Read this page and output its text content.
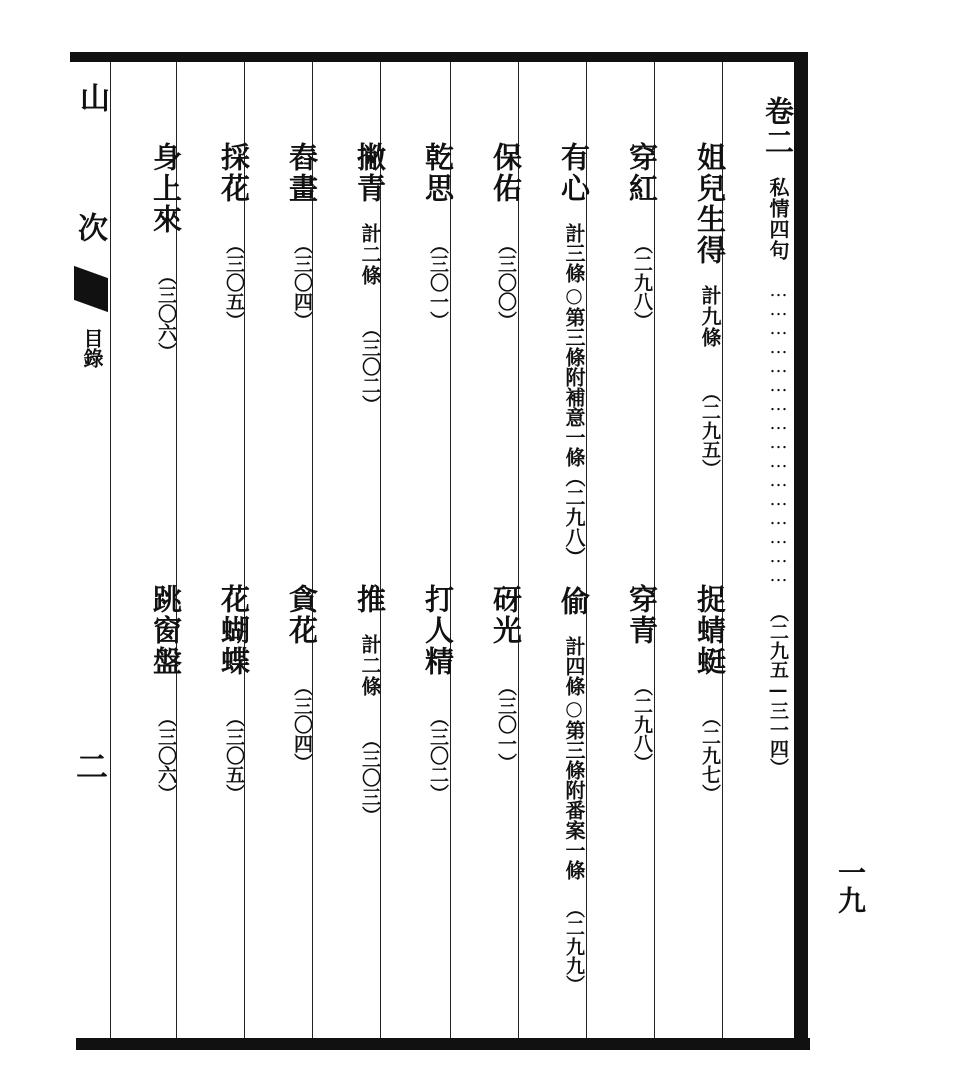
山
次
目錄
二
卷二 私情四句 ………………………………………… （二九五—三一四）
姐兒生得 計九條 （二九五）
捉蜻蜓 （二九七）
穿紅 （二九八）
穿青 （二九八）
有心 計三條○第三條附補意一條（二九八） 偷 計四條○第三條附番案一條 （二九九）
保佑 （三〇〇）
砑光 （三〇一）
乾思 （三〇一）
打人精 （三〇二）
撇青 計二條 （三〇二）
推 計二條 （三〇三）
舂畫 （三〇四）
貪花 （三〇四）
採花 （三〇五）
花蝴蝶 （三〇五）
身上來 （三〇六）
跳窗盤 （三〇六）
一九
